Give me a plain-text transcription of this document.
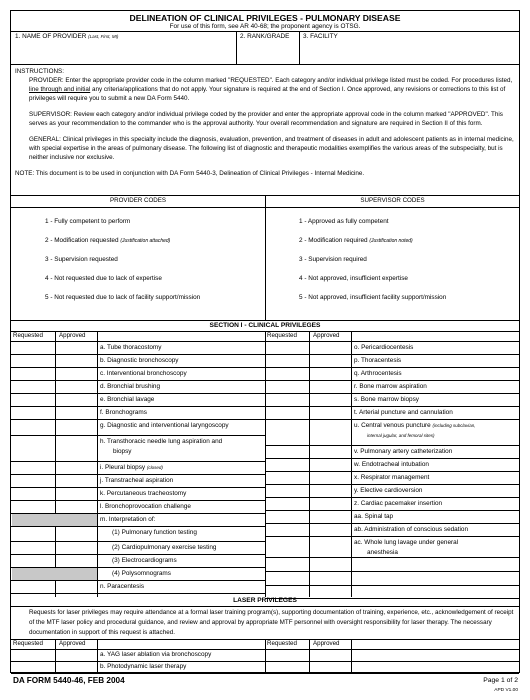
DELINEATION OF CLINICAL PRIVILEGES - PULMONARY DISEASE
For use of this form, see AR 40-68; the proponent agency is OTSG.
1. NAME OF PROVIDER (Last, First, MI)	2. RANK/GRADE 3. FACILITY
INSTRUCTIONS:
PROVIDER: Enter the appropriate provider code in the column marked "REQUESTED". Each category and/or individual privilege listed must be coded. For procedures listed, line through and initial any criteria/applications that do not apply. Your signature is required at the end of Section I. Once approved, any revisions or corrections to this list of privileges will require you to submit a new DA Form 5440.
SUPERVISOR: Review each category and/or individual privilege coded by the provider and enter the appropriate approval code in the column marked "APPROVED". This serves as your recommendation to the commander who is the approval authority. Your overall recommendation and signature are required in Section II of this form.
GENERAL: Clinical privileges in this specialty include the diagnosis, evaluation, prevention, and treatment of diseases in adult and adolescent patients as in internal medicine, with special expertise in the areas of pulmonary disease. The following list of diagnostic and therapeutic modalities exemplifies the various areas of the subspecialty, but is neither inclusive nor exclusive.
NOTE: This document is to be used in conjunction with DA Form 5440-3, Delineation of Clinical Privileges - Internal Medicine.
PROVIDER CODES	SUPERVISOR CODES
1 - Fully competent to perform
2 - Modification requested (Justification attached)
3 - Supervision requested
4 - Not requested due to lack of expertise
5 - Not requested due to lack of facility support/mission
1 - Approved as fully competent
2 - Modification required (Justification noted)
3 - Supervision required
4 - Not approved, insufficient expertise
5 - Not approved, insufficient facility support/mission
SECTION I - CLINICAL PRIVILEGES
Requested	Approved	Requested	Approved
a. Tube thoracostomy
b. Diagnostic bronchoscopy
c. Interventional bronchoscopy
d. Bronchial brushing
e. Bronchial lavage
f. Bronchograms
g. Diagnostic and interventional laryngoscopy
h. Transthoracic needle lung aspiration and
biopsy
i. Pleural biopsy (closed)
j. Transtracheal aspiration
k. Percutaneous tracheostomy
l. Bronchoprovocation challenge
m. Interpretation of:
(1) Pulmonary function testing
(2) Cardiopulmonary exercise testing
(3) Electrocardiograms
(4) Polysomnograms
n. Paracentesis
o. Pericardiocentesis
p. Thoracentesis
q. Arthrocentesis
r. Bone marrow aspiration
s. Bone marrow biopsy
t. Arterial puncture and cannulation
u. Central venous puncture (including subclavian,
internal jugular, and femoral sites)
v. Pulmonary artery catheterization
w. Endotracheal intubation
x. Respirator management
y. Elective cardioversion
z. Cardiac pacemaker insertion
aa. Spinal tap
ab. Administration of conscious sedation
ac. Whole lung lavage under general
anesthesia
LASER PRIVILEGES
Requests for laser privileges may require attendance at a formal laser training program(s), supporting documentation of training, experience, etc., acknowledgement of receipt of the MTF laser policy and procedural guidance, and review and approval by appropriate MTF personnel with oversight responsibility for laser therapy. The necessary documentation in support of this request is attached.
Requested	Approved	Requested	Approved
a. YAG laser ablation via bronchoscopy
b. Photodynamic laser therapy
DA FORM 5440-46, FEB 2004	Page 1 of 2
APD V1.00
